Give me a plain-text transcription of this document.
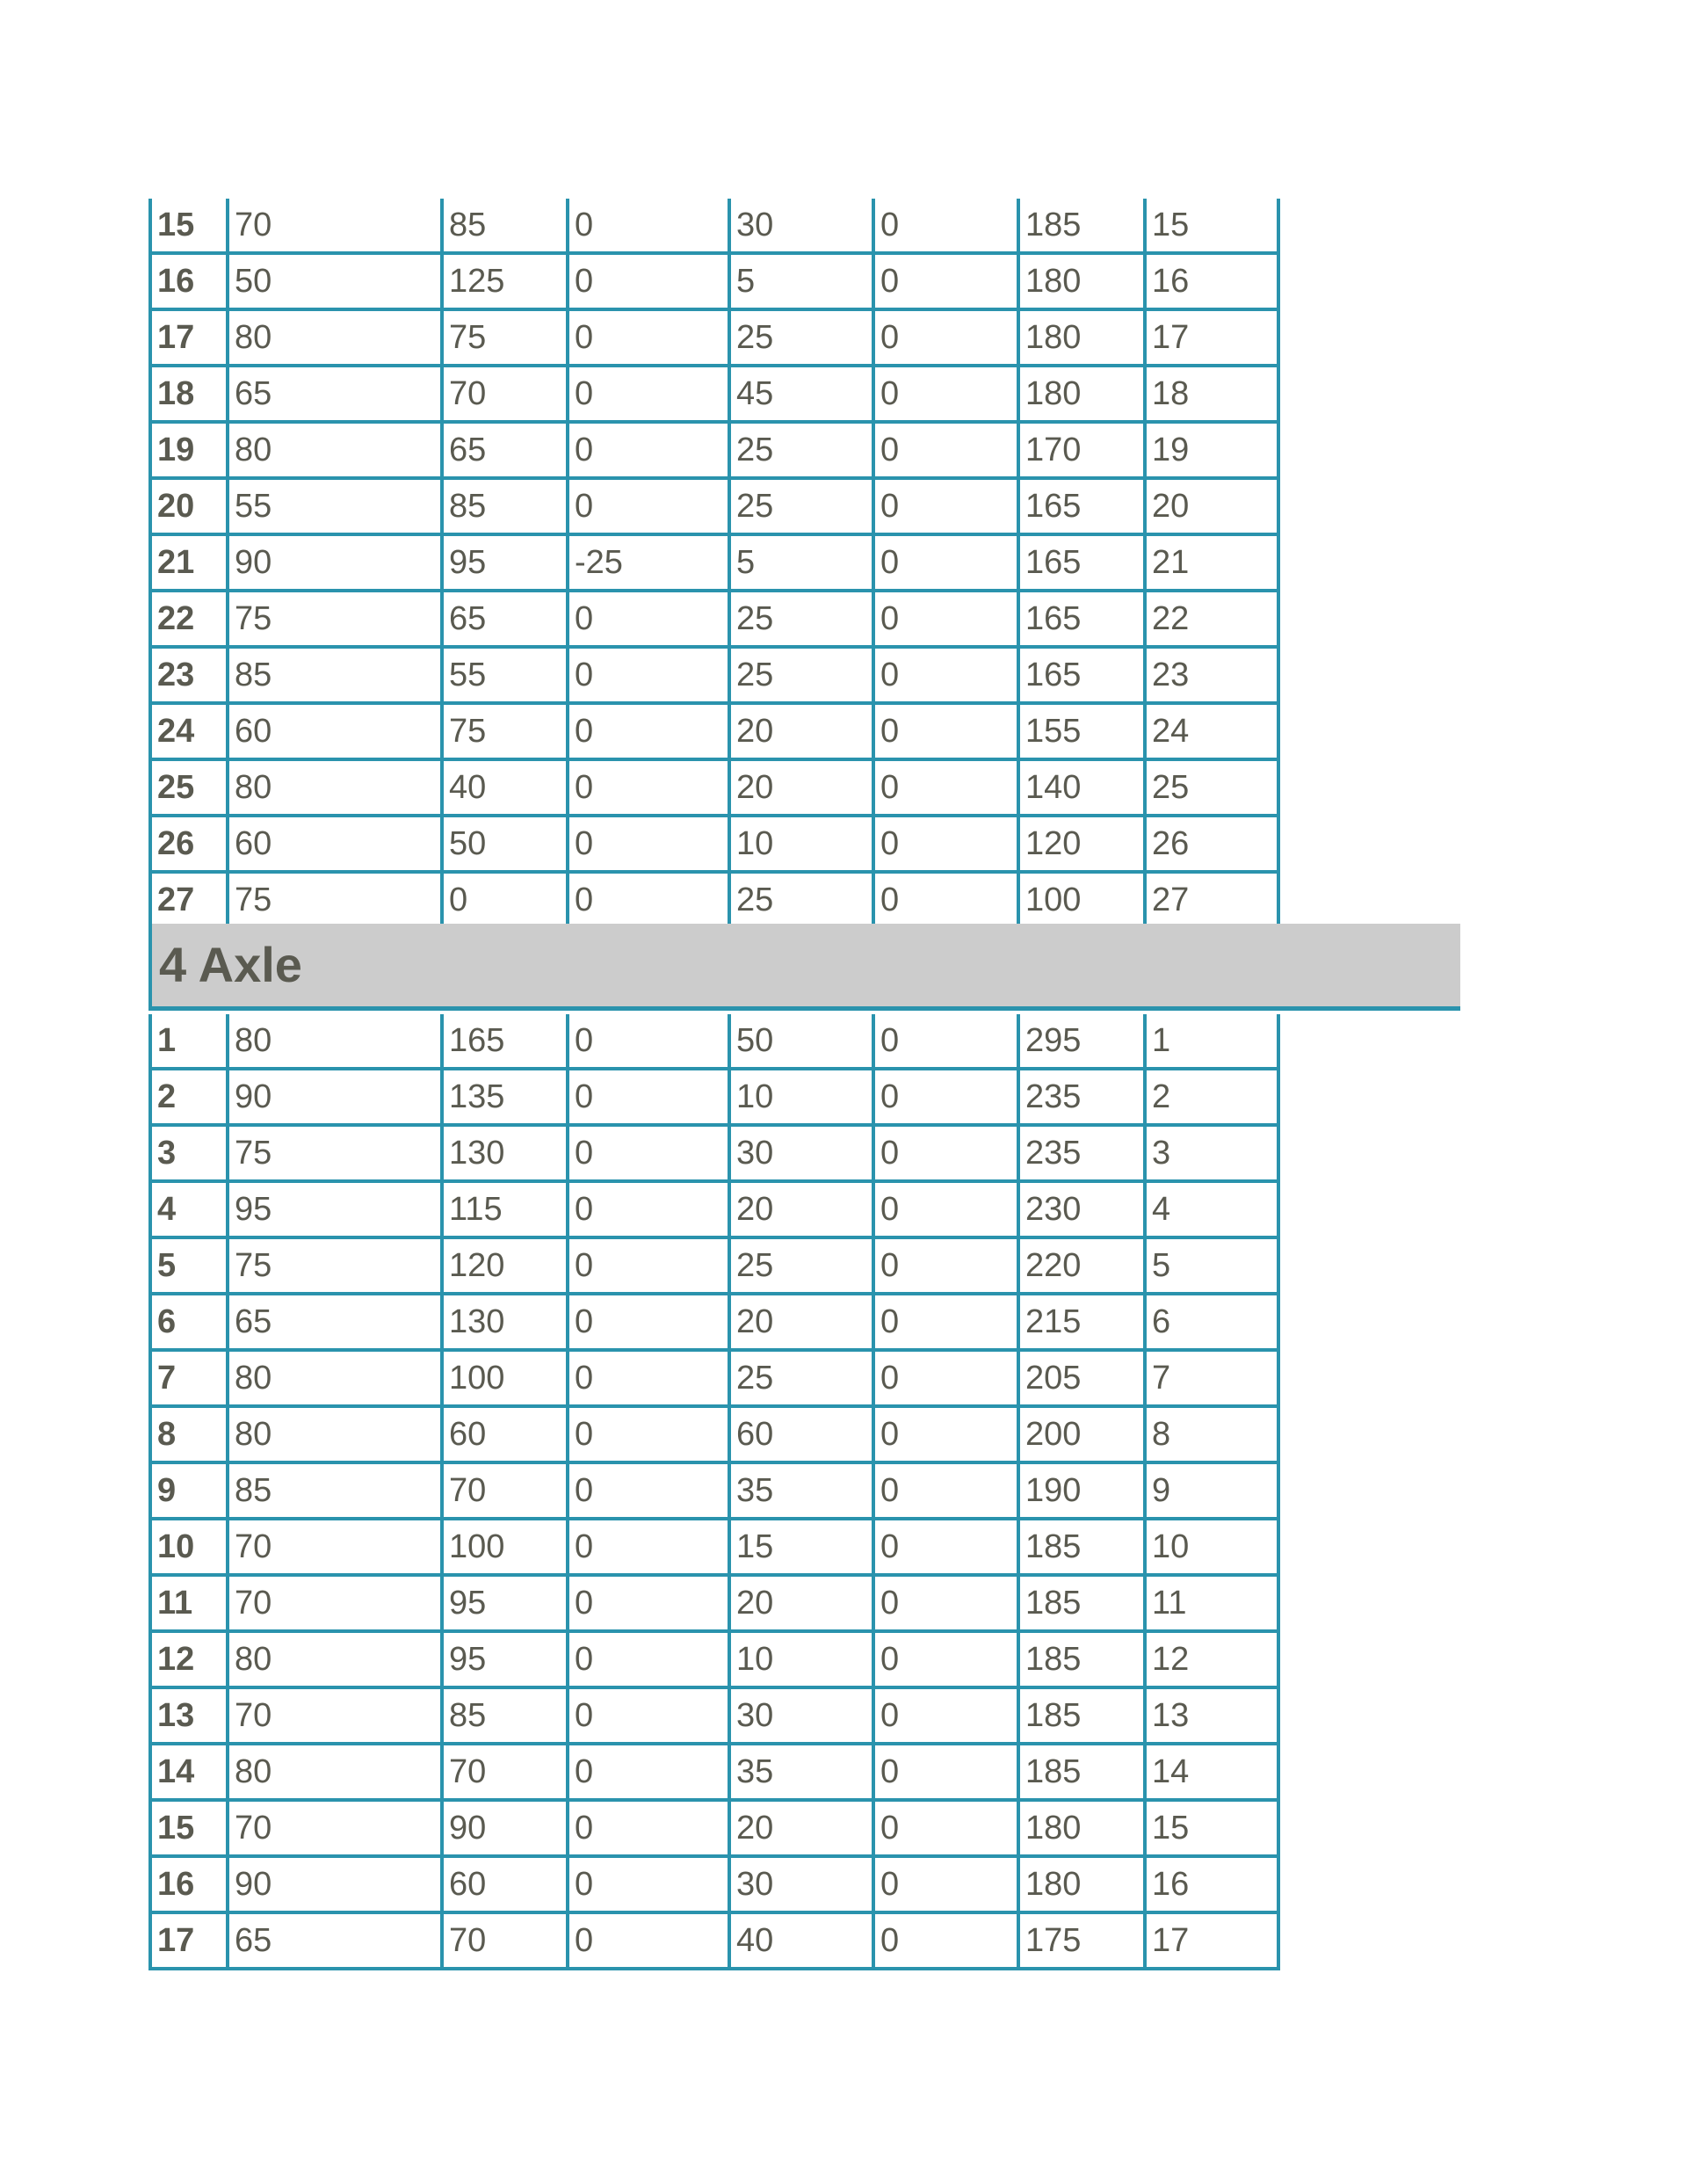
15	70	85	0	30	0	185	15
16	50	125	0	5	0	180	16
17	80	75	0	25	0	180	17
18	65	70	0	45	0	180	18
19	80	65	0	25	0	170	19
20	55	85	0	25	0	165	20
21	90	95	-25	5	0	165	21
22	75	65	0	25	0	165	22
23	85	55	0	25	0	165	23
24	60	75	0	20	0	155	24
25	80	40	0	20	0	140	25
26	60	50	0	10	0	120	26
27	75	0	0	25	0	100	27
4 Axle
1	80	165	0	50	0	295	1
2	90	135	0	10	0	235	2
3	75	130	0	30	0	235	3
4	95	115	0	20	0	230	4
5	75	120	0	25	0	220	5
6	65	130	0	20	0	215	6
7	80	100	0	25	0	205	7
8	80	60	0	60	0	200	8
9	85	70	0	35	0	190	9
10	70	100	0	15	0	185	10
11	70	95	0	20	0	185	11
12	80	95	0	10	0	185	12
13	70	85	0	30	0	185	13
14	80	70	0	35	0	185	14
15	70	90	0	20	0	180	15
16	90	60	0	30	0	180	16
17	65	70	0	40	0	175	17
